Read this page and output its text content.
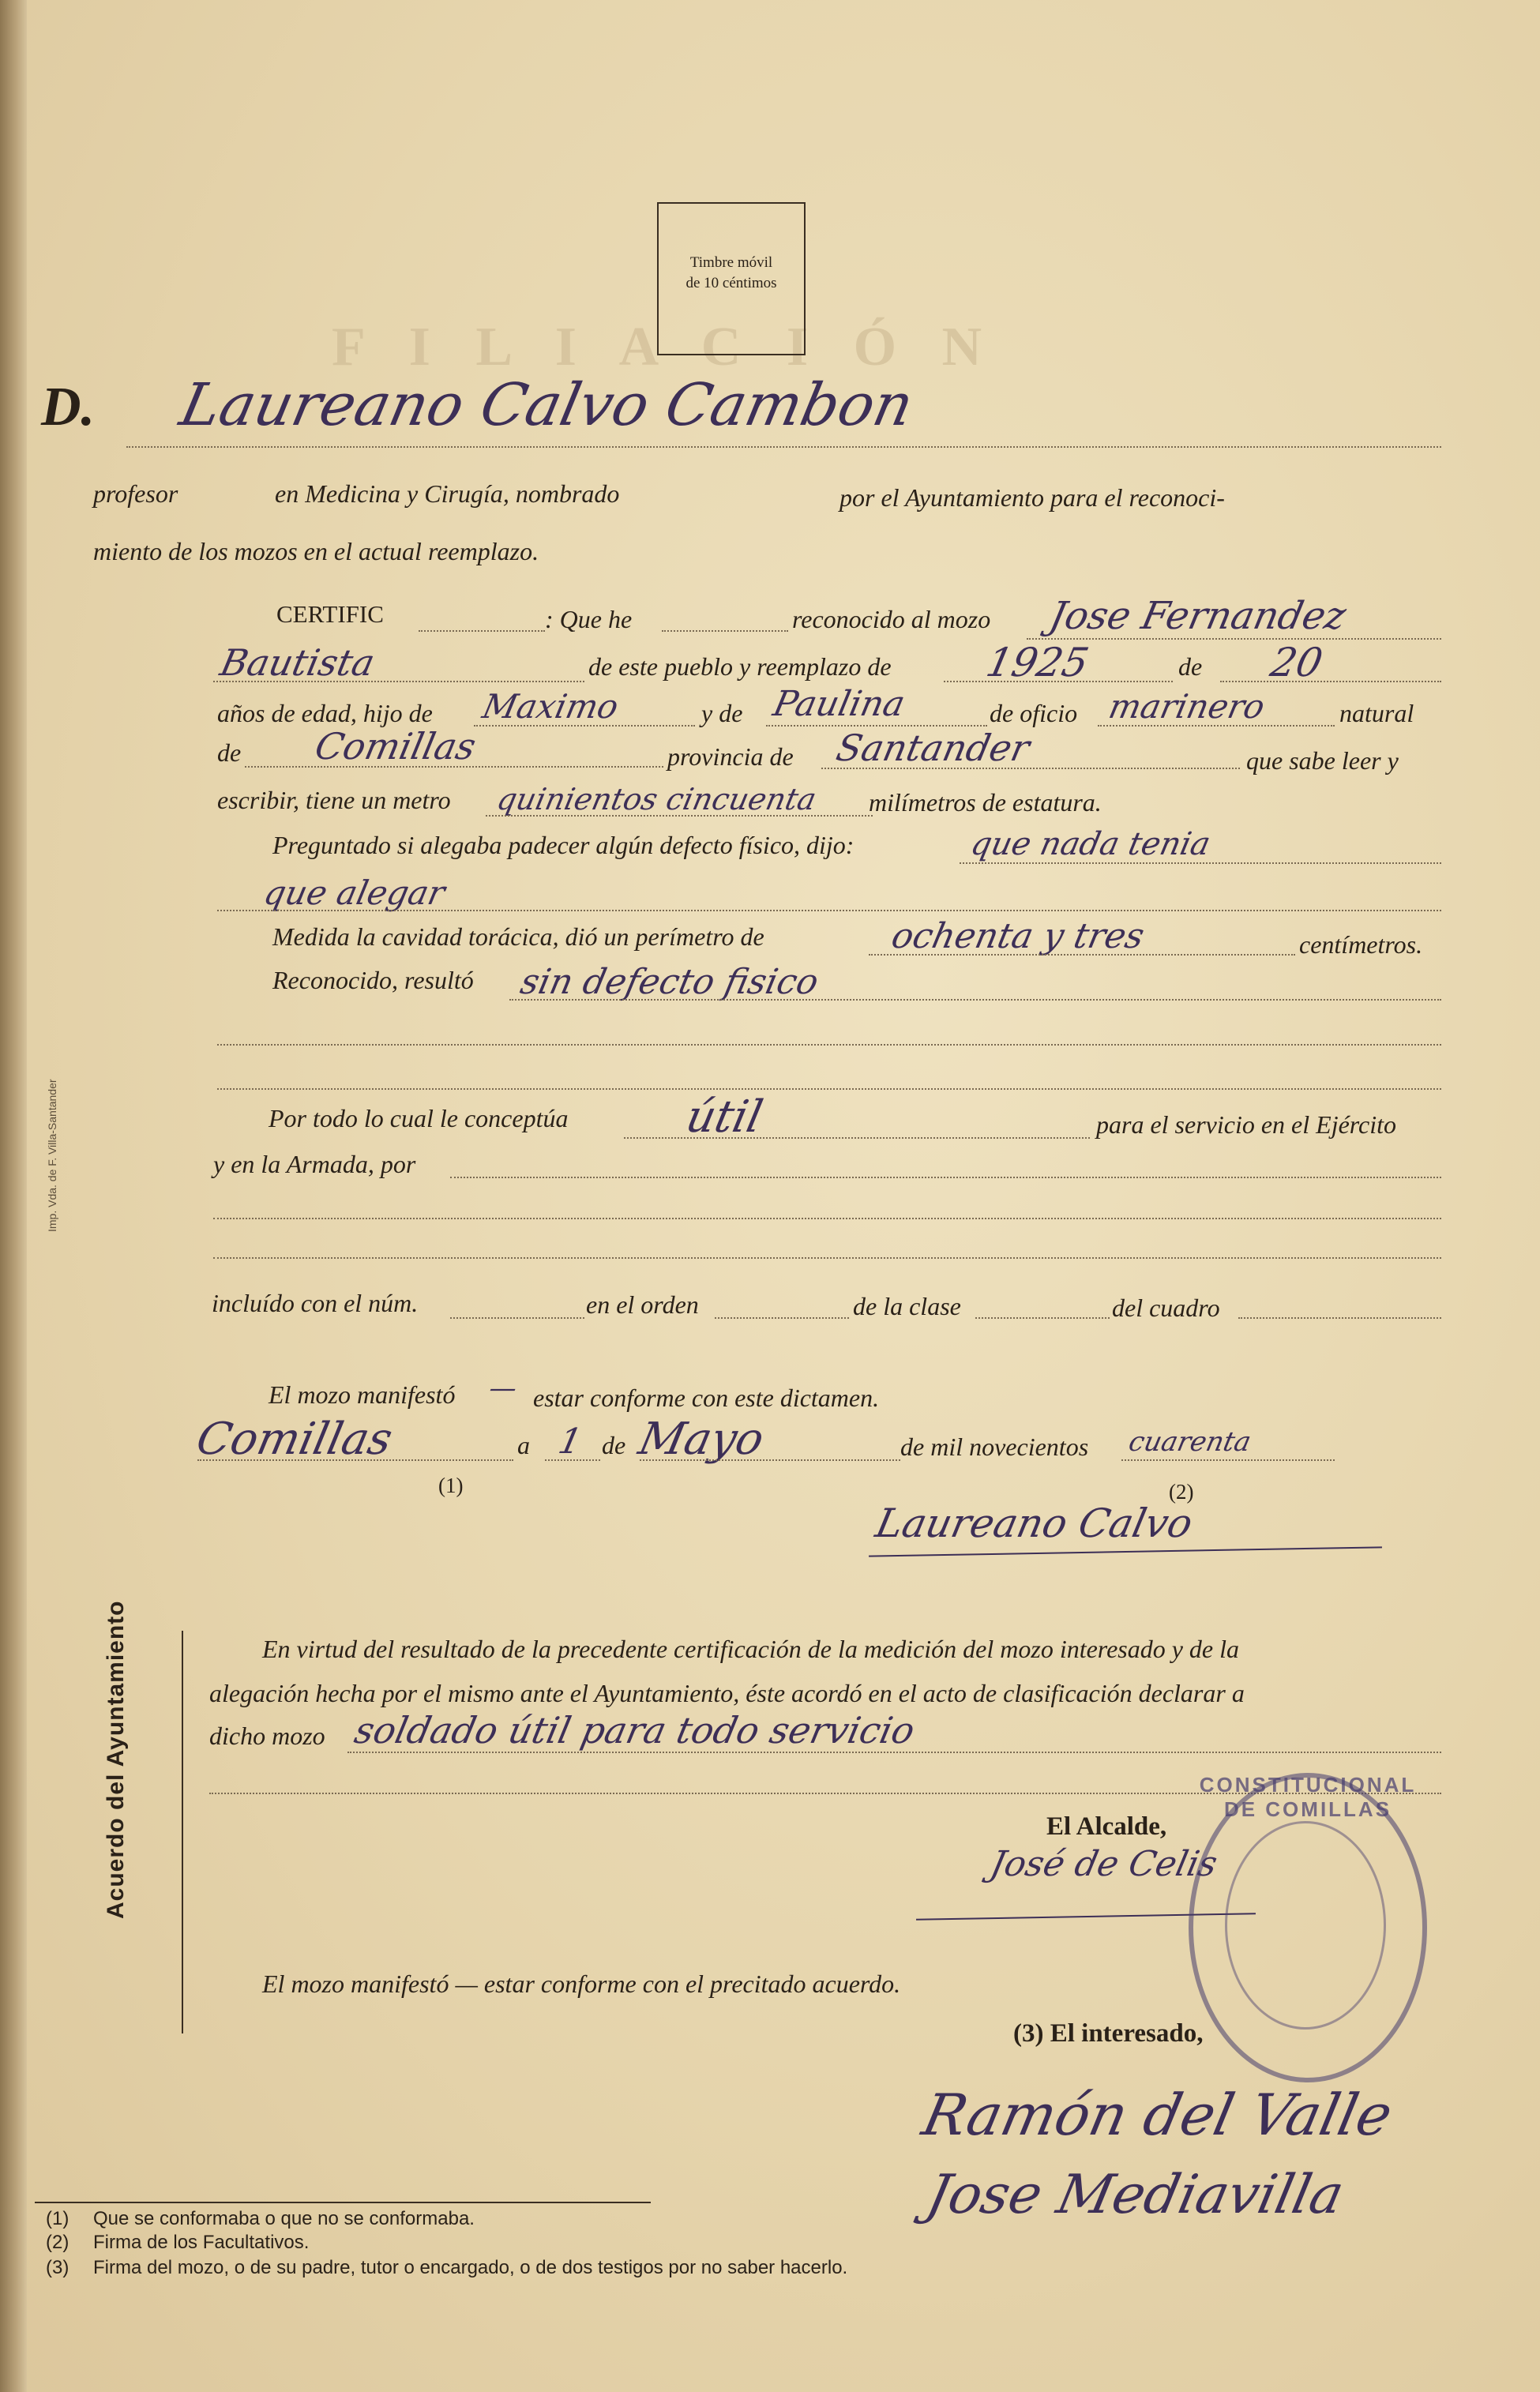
F I L I A C I Ó N
Timbre móvil
de 10 céntimos
D. Laureano Calvo Cambon
profesor	en Medicina y Cirugía, nombrado	por el Ayuntamiento para el reconoci-
miento de los mozos en el actual reemplazo.
CERTIFIC	: Que he	reconocido al mozo Jose Fernandez
Bautista	de este pueblo y reemplazo de 1925	de 20
años de edad, hijo de Maximo	y de Paulina	de oficio marinero	natural
de Comillas	provincia de Santander	que sabe leer y
escribir, tiene un metro quinientos cincuenta milímetros de estatura.
Preguntado si alegaba padecer algún defecto físico, dijo:	que nada tenia
que alegar
Medida la cavidad torácica, dió un perímetro de	ochenta y tres	centímetros.
Reconocido, resultó sin defecto fisico
Por todo lo cual le conceptúa	útil	para el servicio en el Ejército
y en la Armada, por
incluído con el núm.	en el orden	de la clase	del cuadro
El mozo manifestó — estar conforme con este dictamen.
Comillas	a 1 de Mayo	de mil novecientos cuarenta
(1)	(2)
Laureano Calvo
Acuerdo del Ayuntamiento	En virtud del resultado de la precedente certificación de la medición del mozo interesado y de la
alegación hecha por el mismo ante el Ayuntamiento, éste acordó en el acto de clasificación declarar a
dicho mozo soldado útil para todo servicio
El Alcalde,
José de Celis
El mozo manifestó — estar conforme con el precitado acuerdo.
(3) El interesado,
Ramón del Valle
Jose Mediavilla
CONSTITUCIONAL DE COMILLAS
Imp. Vda. de F. Villa-Santander
(1) Que se conformaba o que no se conformaba.
(2) Firma de los Facultativos.
(3) Firma del mozo, o de su padre, tutor o encargado, o de dos testigos por no saber hacerlo.
